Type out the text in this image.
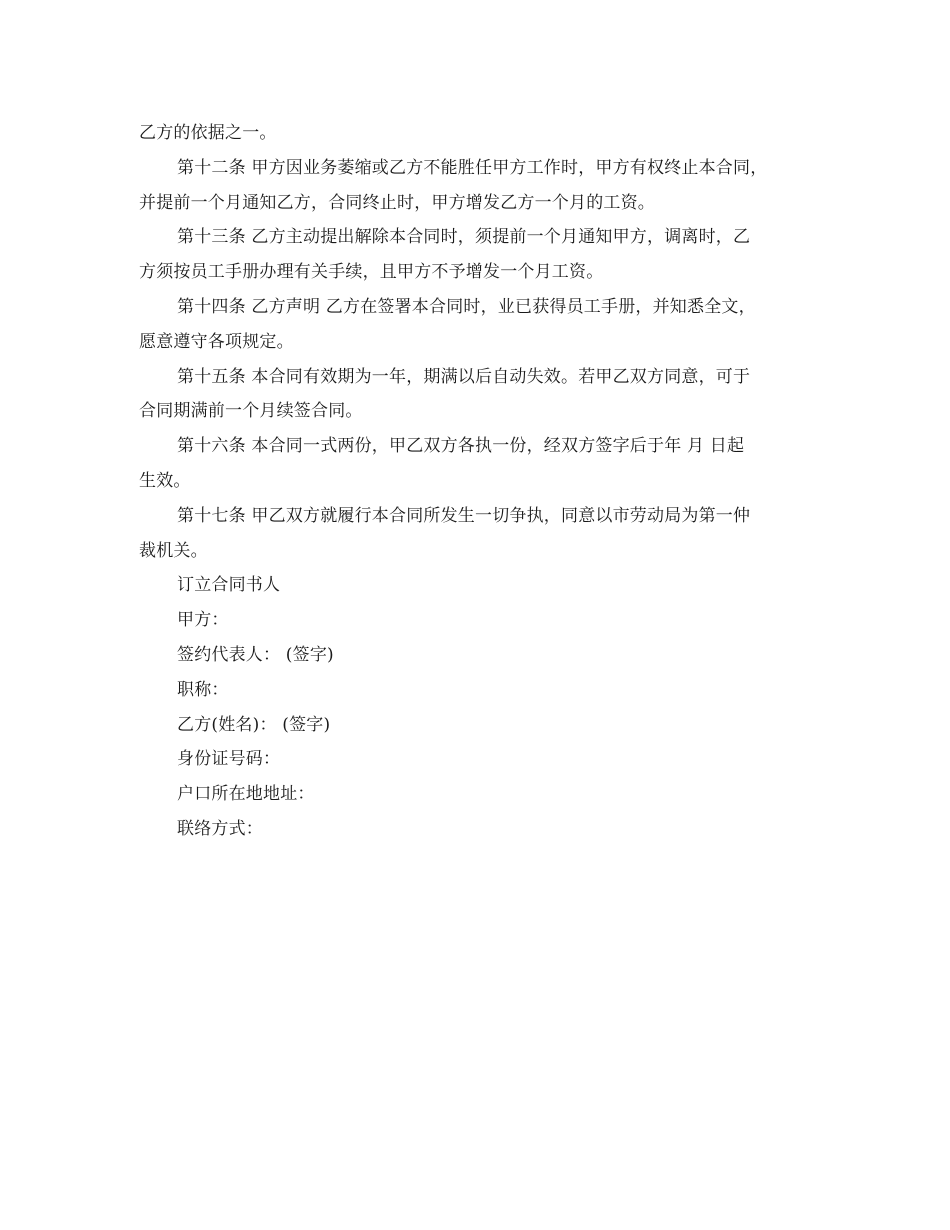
乙方的依据之一。
第十二条 甲方因业务萎缩或乙方不能胜任甲方工作时，甲方有权终止本合同，
并提前一个月通知乙方，合同终止时，甲方增发乙方一个月的工资。
第十三条 乙方主动提出解除本合同时，须提前一个月通知甲方，调离时，乙
方须按员工手册办理有关手续，且甲方不予增发一个月工资。
第十四条 乙方声明 乙方在签署本合同时，业已获得员工手册，并知悉全文，
愿意遵守各项规定。
第十五条 本合同有效期为一年，期满以后自动失效。若甲乙双方同意，可于
合同期满前一个月续签合同。
第十六条 本合同一式两份，甲乙双方各执一份，经双方签字后于年 月 日起
生效。
第十七条 甲乙双方就履行本合同所发生一切争执，同意以市劳动局为第一仲
裁机关。
订立合同书人
甲方：
签约代表人： (签字)
职称：
乙方(姓名)： (签字)
身份证号码：
户口所在地地址：
联络方式：
